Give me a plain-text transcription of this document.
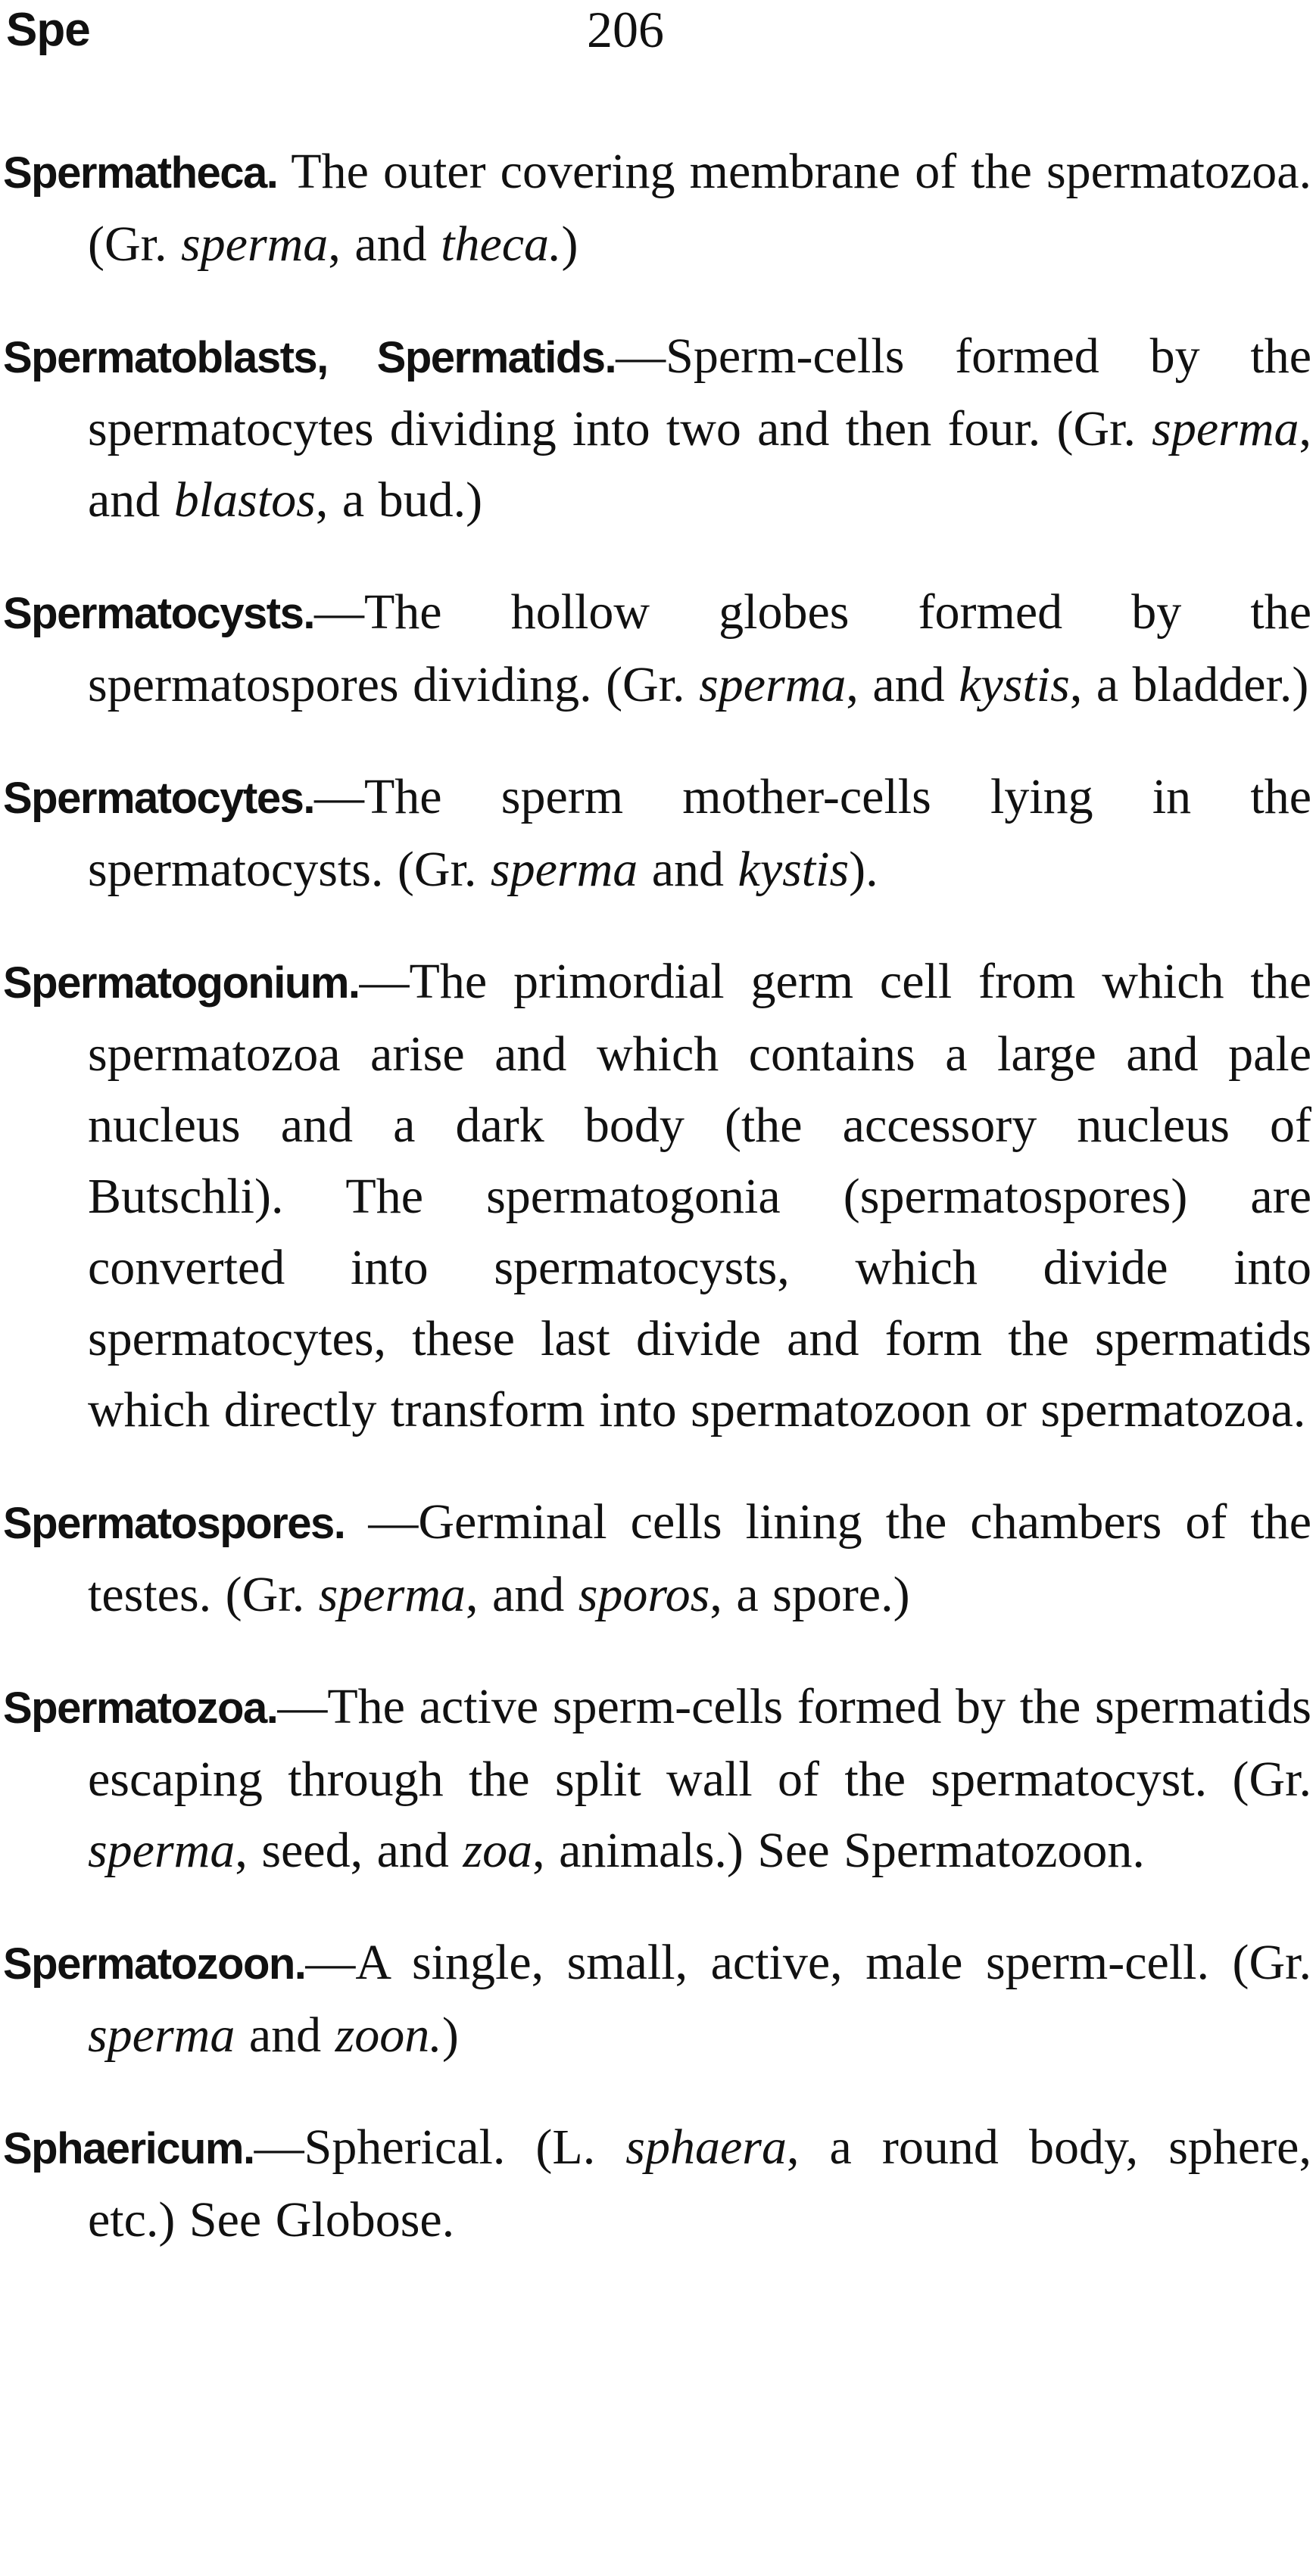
Spe	206

Spermatheca. The outer covering membrane of the spermatozoa. (Gr. sperma, and theca.)

Spermatoblasts, Spermatids.—Sperm-cells formed by the spermatocytes dividing into two and then four. (Gr. sperma, and blastos, a bud.)

Spermatocysts.—The hollow globes formed by the spermatospores dividing. (Gr. sperma, and kystis, a bladder.)

Spermatocytes.—The sperm mother-cells lying in the spermatocysts. (Gr. sperma and kystis).

Spermatogonium.—The primordial germ cell from which the spermatozoa arise and which contains a large and pale nucleus and a dark body (the accessory nucleus of Butschli). The spermatogonia (spermatospores) are converted into spermatocysts, which divide into spermatocytes, these last divide and form the spermatids which directly transform into spermatozoon or spermatozoa.

Spermatospores. —Germinal cells lining the chambers of the testes. (Gr. sperma, and sporos, a spore.)

Spermatozoa.—The active sperm-cells formed by the spermatids escaping through the split wall of the spermatocyst. (Gr. sperma, seed, and zoa, animals.) See Spermatozoon.

Spermatozoon.—A single, small, active, male sperm-cell. (Gr. sperma and zoon.)

Sphaericum.—Spherical. (L. sphaera, a round body, sphere, etc.) See Globose.
